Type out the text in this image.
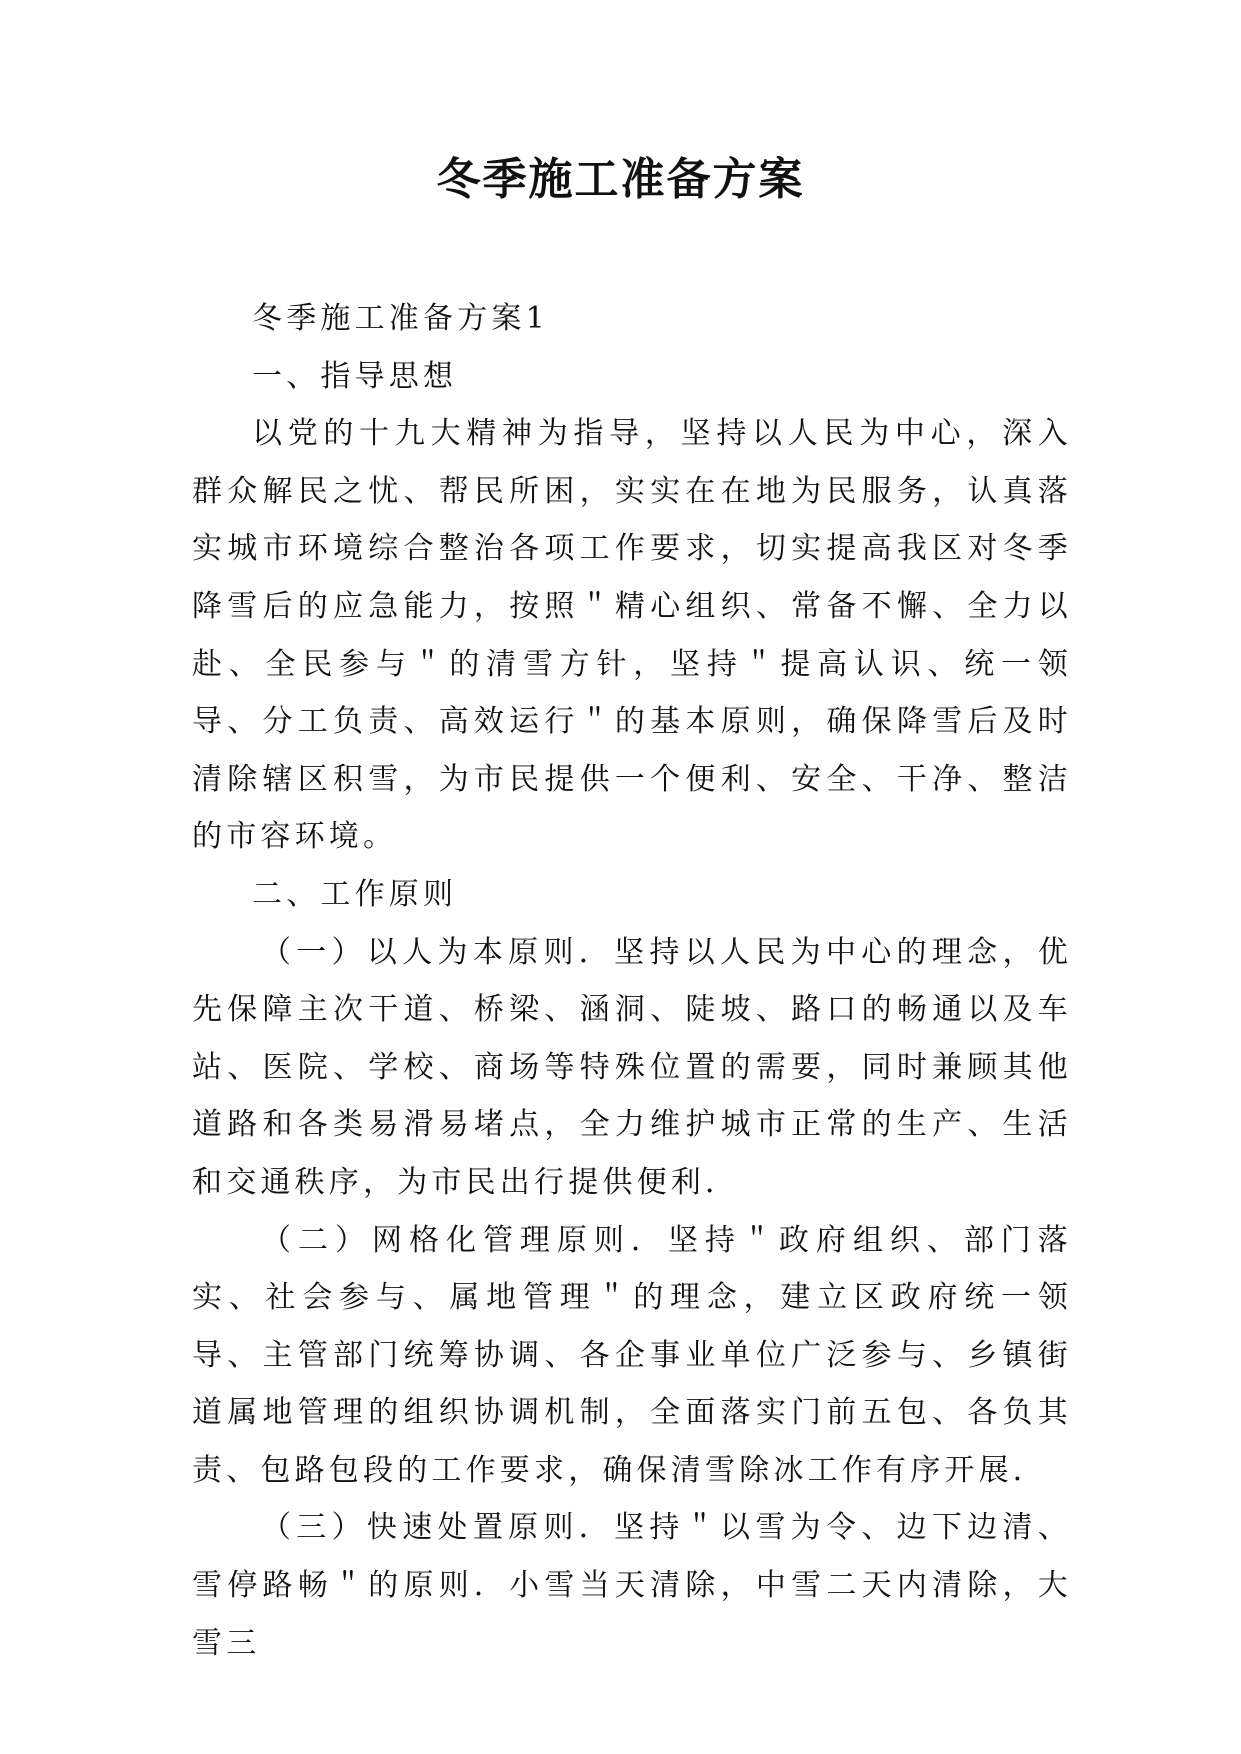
冬季施工准备方案

冬季施工准备方案1

一、指导思想

以党的十九大精神为指导，坚持以人民为中心，深入群众解民之忧、帮民所困，实实在在地为民服务，认真落实城市环境综合整治各项工作要求，切实提高我区对冬季降雪后的应急能力，按照＂精心组织、常备不懈、全力以赴、全民参与＂的清雪方针，坚持＂提高认识、统一领导、分工负责、高效运行＂的基本原则，确保降雪后及时清除辖区积雪，为市民提供一个便利、安全、干净、整洁的市容环境。

二、工作原则

（一）以人为本原则．坚持以人民为中心的理念，优先保障主次干道、桥梁、涵洞、陡坡、路口的畅通以及车站、医院、学校、商场等特殊位置的需要，同时兼顾其他道路和各类易滑易堵点，全力维护城市正常的生产、生活和交通秩序，为市民出行提供便利．

（二）网格化管理原则．坚持＂政府组织、部门落实、社会参与、属地管理＂的理念，建立区政府统一领导、主管部门统筹协调、各企事业单位广泛参与、乡镇街道属地管理的组织协调机制，全面落实门前五包、各负其责、包路包段的工作要求，确保清雪除冰工作有序开展．

（三）快速处置原则．坚持＂以雪为令、边下边清、雪停路畅＂的原则．小雪当天清除，中雪二天内清除，大雪三
